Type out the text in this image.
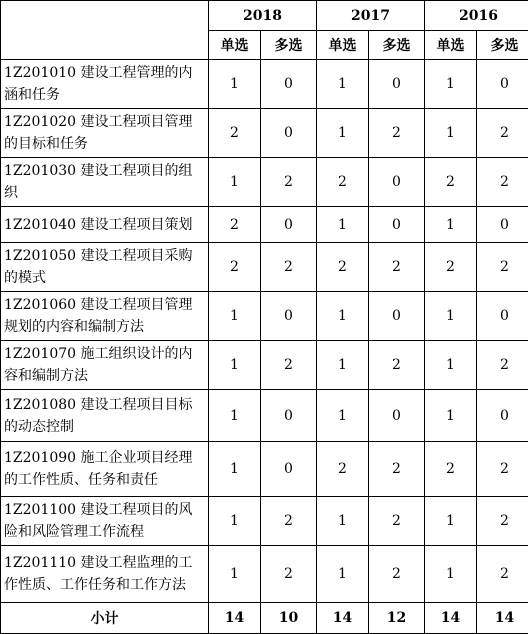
	2018		2017		2016	
	单选	多选	单选	多选	单选	多选
1Z201010 建设工程管理的内涵和任务	1	0	1	0	1	0
1Z201020 建设工程项目管理的目标和任务	2	0	1	2	1	2
1Z201030 建设工程项目的组织	1	2	2	0	2	2
1Z201040 建设工程项目策划	2	0	1	0	1	0
1Z201050 建设工程项目采购的模式	2	2	2	2	2	2
1Z201060 建设工程项目管理规划的内容和编制方法	1	0	1	0	1	0
1Z201070 施工组织设计的内容和编制方法	1	2	1	2	1	2
1Z201080 建设工程项目目标的动态控制	1	0	1	0	1	0
1Z201090 施工企业项目经理的工作性质、任务和责任	1	0	2	2	2	2
1Z201100 建设工程项目的风险和风险管理工作流程	1	2	1	2	1	2
1Z201110 建设工程监理的工作性质、工作任务和工作方法	1	2	1	2	1	2
小计	14	10	14	12	14	14
